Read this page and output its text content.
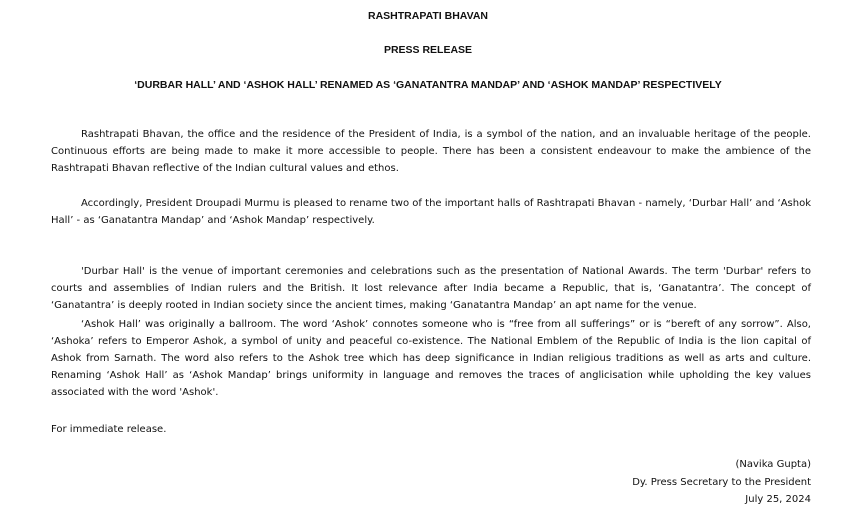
RASHTRAPATI BHAVAN
PRESS RELEASE
‘DURBAR HALL’ AND ‘ASHOK HALL’ RENAMED AS ‘GANATANTRA MANDAP’ AND ‘ASHOK MANDAP’ RESPECTIVELY

Rashtrapati Bhavan, the office and the residence of the President of India, is a symbol of the nation, and an invaluable heritage of the people. Continuous efforts are being made to make it more accessible to people. There has been a consistent endeavour to make the ambience of the Rashtrapati Bhavan reflective of the Indian cultural values and ethos.

Accordingly, President Droupadi Murmu is pleased to rename two of the important halls of Rashtrapati Bhavan - namely, ‘Durbar Hall’ and ‘Ashok Hall’ - as ‘Ganatantra Mandap’ and ‘Ashok Mandap’ respectively.

'Durbar Hall' is the venue of important ceremonies and celebrations such as the presentation of National Awards. The term 'Durbar' refers to courts and assemblies of Indian rulers and the British. It lost relevance after India became a Republic, that is, ‘Ganatantra’. The concept of ‘Ganatantra’ is deeply rooted in Indian society since the ancient times, making ‘Ganatantra Mandap’ an apt name for the venue.

‘Ashok Hall’ was originally a ballroom. The word ‘Ashok’ connotes someone who is “free from all sufferings” or is “bereft of any sorrow”. Also, ‘Ashoka’ refers to Emperor Ashok, a symbol of unity and peaceful co-existence. The National Emblem of the Republic of India is the lion capital of Ashok from Sarnath. The word also refers to the Ashok tree which has deep significance in Indian religious traditions as well as arts and culture. Renaming ‘Ashok Hall’ as ‘Ashok Mandap’ brings uniformity in language and removes the traces of anglicisation while upholding the key values associated with the word 'Ashok'.

For immediate release.

(Navika Gupta)
Dy. Press Secretary to the President
July 25, 2024
